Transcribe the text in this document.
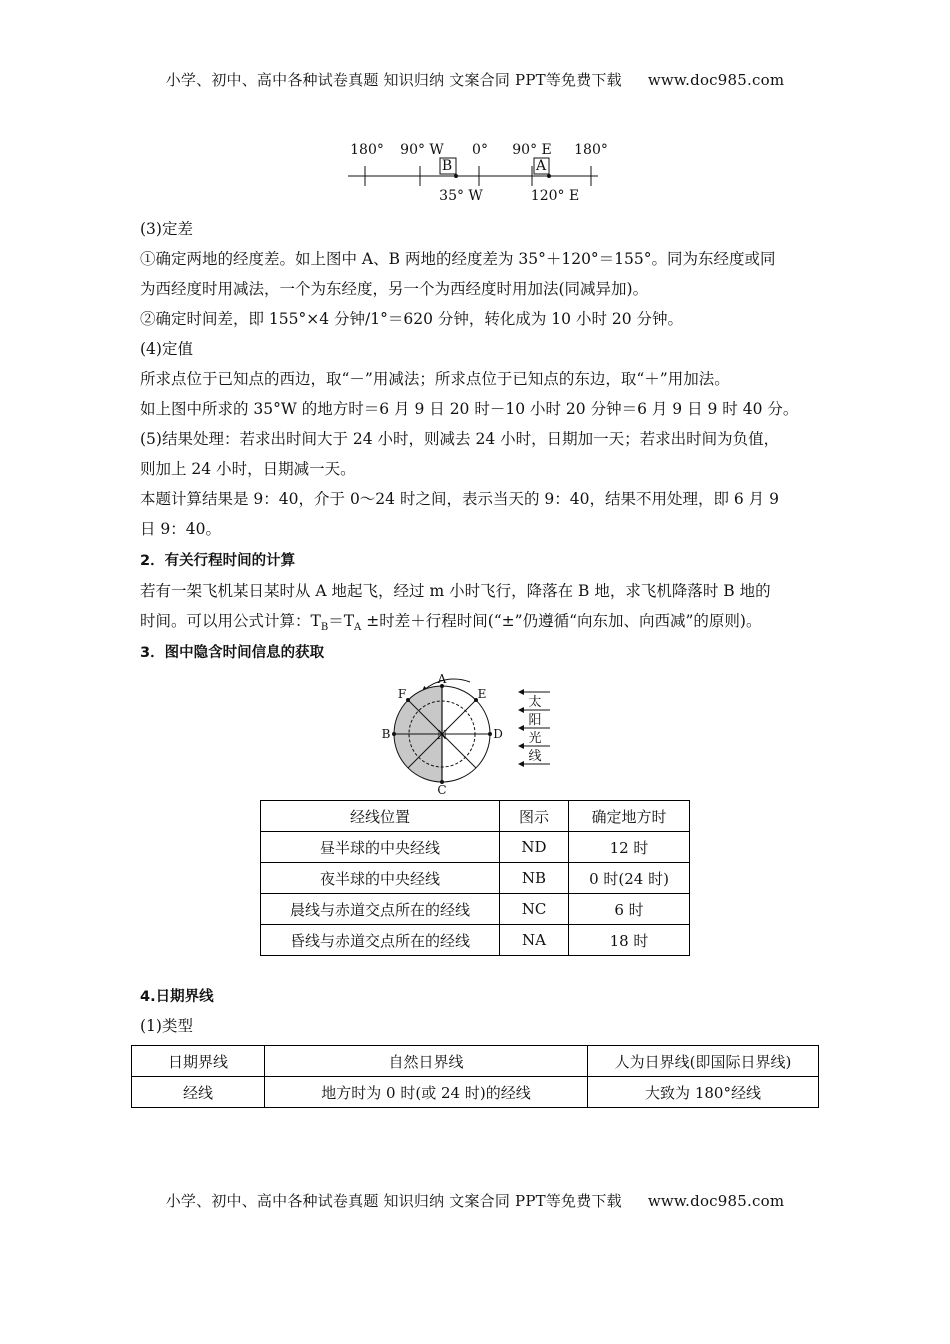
小学、初中、高中各种试卷真题 知识归纳 文案合同 PPT等免费下载 www.doc985.com
180° 90° W 0° 90° E 180°
B	A
35° W	120° E
(3)定差
①确定两地的经度差。如上图中 A、B 两地的经度差为 35°＋120°＝155°。同为东经度或同
为西经度时用减法，一个为东经度，另一个为西经度时用加法(同减异加)。
②确定时间差，即 155°×4 分钟/1°＝620 分钟，转化成为 10 小时 20 分钟。
(4)定值
所求点位于已知点的西边，取“－”用减法；所求点位于已知点的东边，取“＋”用加法。
如上图中所求的 35°W 的地方时＝6 月 9 日 20 时－10 小时 20 分钟＝6 月 9 日 9 时 40 分。
(5)结果处理：若求出时间大于 24 小时，则减去 24 小时，日期加一天；若求出时间为负值，
则加上 24 小时，日期减一天。
本题计算结果是 9：40，介于 0～24 时之间，表示当天的 9：40，结果不用处理，即 6 月 9
日 9：40。
2．有关行程时间的计算
若有一架飞机某日某时从 A 地起飞，经过 m 小时飞行，降落在 B 地，求飞机降落时 B 地的
时间。可以用公式计算：$T_B=T_A$ ±时差＋行程时间(“±”仍遵循“向东加、向西减”的原则)。
3．图中隐含时间信息的获取
A
E
D
C
B
F
N
太
阳
光
线
经线位置	图示	确定地方时
昼半球的中央经线	ND	12 时
夜半球的中央经线	NB	0 时(24 时)
晨线与赤道交点所在的经线	NC	6 时
昏线与赤道交点所在的经线	NA	18 时
4.日期界线
(1)类型
日期界线	自然日界线	人为日界线(即国际日界线)
经线	地方时为 0 时(或 24 时)的经线	大致为 180°经线
小学、初中、高中各种试卷真题 知识归纳 文案合同 PPT等免费下载 www.doc985.com
